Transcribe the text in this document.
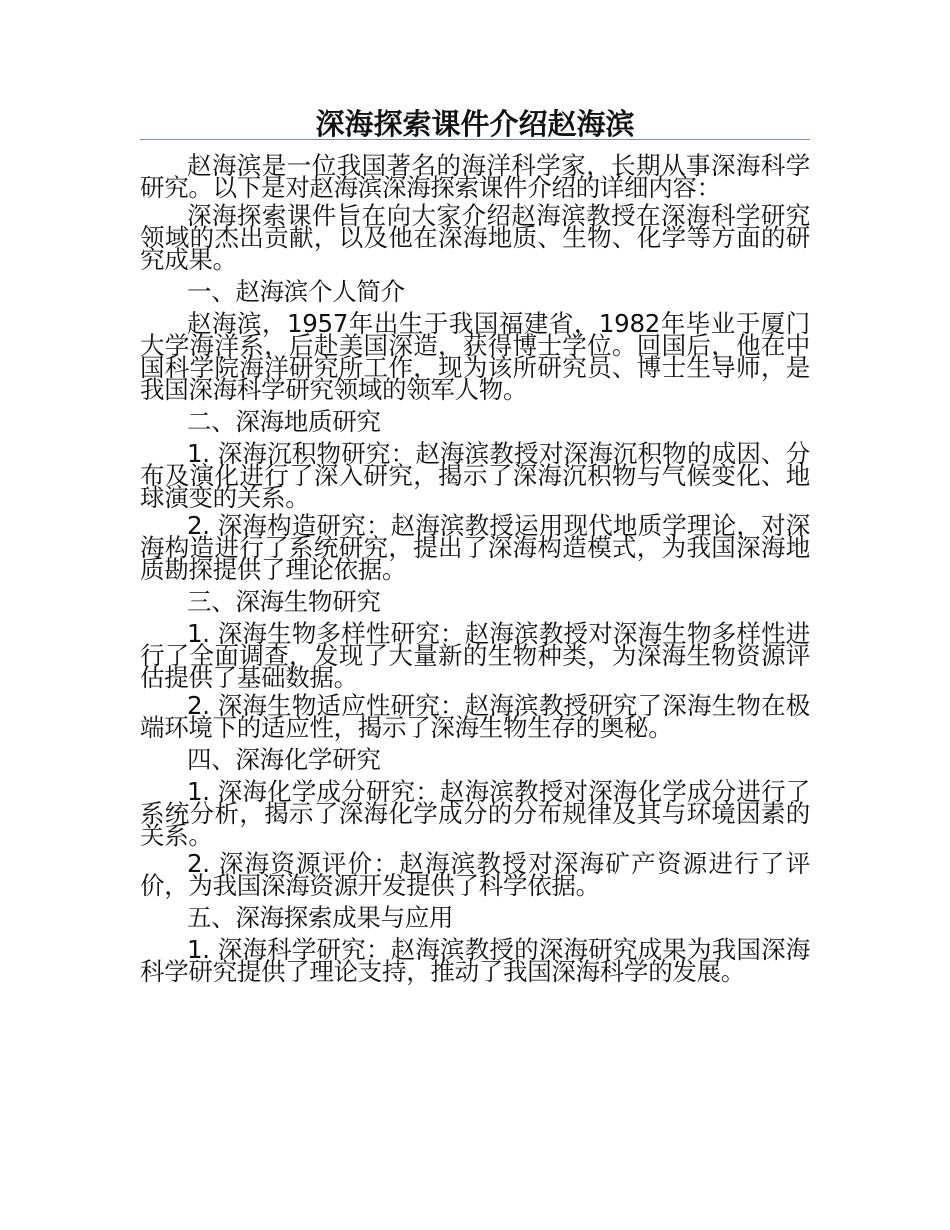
深海探索课件介绍赵海滨

赵海滨是一位我国著名的海洋科学家，长期从事深海科学研究。以下是对赵海滨深海探索课件介绍的详细内容：

深海探索课件旨在向大家介绍赵海滨教授在深海科学研究领域的杰出贡献，以及他在深海地质、生物、化学等方面的研究成果。

一、赵海滨个人简介

赵海滨，1957年出生于我国福建省，1982年毕业于厦门大学海洋系，后赴美国深造，获得博士学位。回国后，他在中国科学院海洋研究所工作，现为该所研究员、博士生导师，是我国深海科学研究领域的领军人物。

二、深海地质研究

1. 深海沉积物研究：赵海滨教授对深海沉积物的成因、分布及演化进行了深入研究，揭示了深海沉积物与气候变化、地球演变的关系。

2. 深海构造研究：赵海滨教授运用现代地质学理论，对深海构造进行了系统研究，提出了深海构造模式，为我国深海地质勘探提供了理论依据。

三、深海生物研究

1. 深海生物多样性研究：赵海滨教授对深海生物多样性进行了全面调查，发现了大量新的生物种类，为深海生物资源评估提供了基础数据。

2. 深海生物适应性研究：赵海滨教授研究了深海生物在极端环境下的适应性，揭示了深海生物生存的奥秘。

四、深海化学研究

1. 深海化学成分研究：赵海滨教授对深海化学成分进行了系统分析，揭示了深海化学成分的分布规律及其与环境因素的关系。

2. 深海资源评价：赵海滨教授对深海矿产资源进行了评价，为我国深海资源开发提供了科学依据。

五、深海探索成果与应用

1. 深海科学研究：赵海滨教授的深海研究成果为我国深海科学研究提供了理论支持，推动了我国深海科学的发展。
